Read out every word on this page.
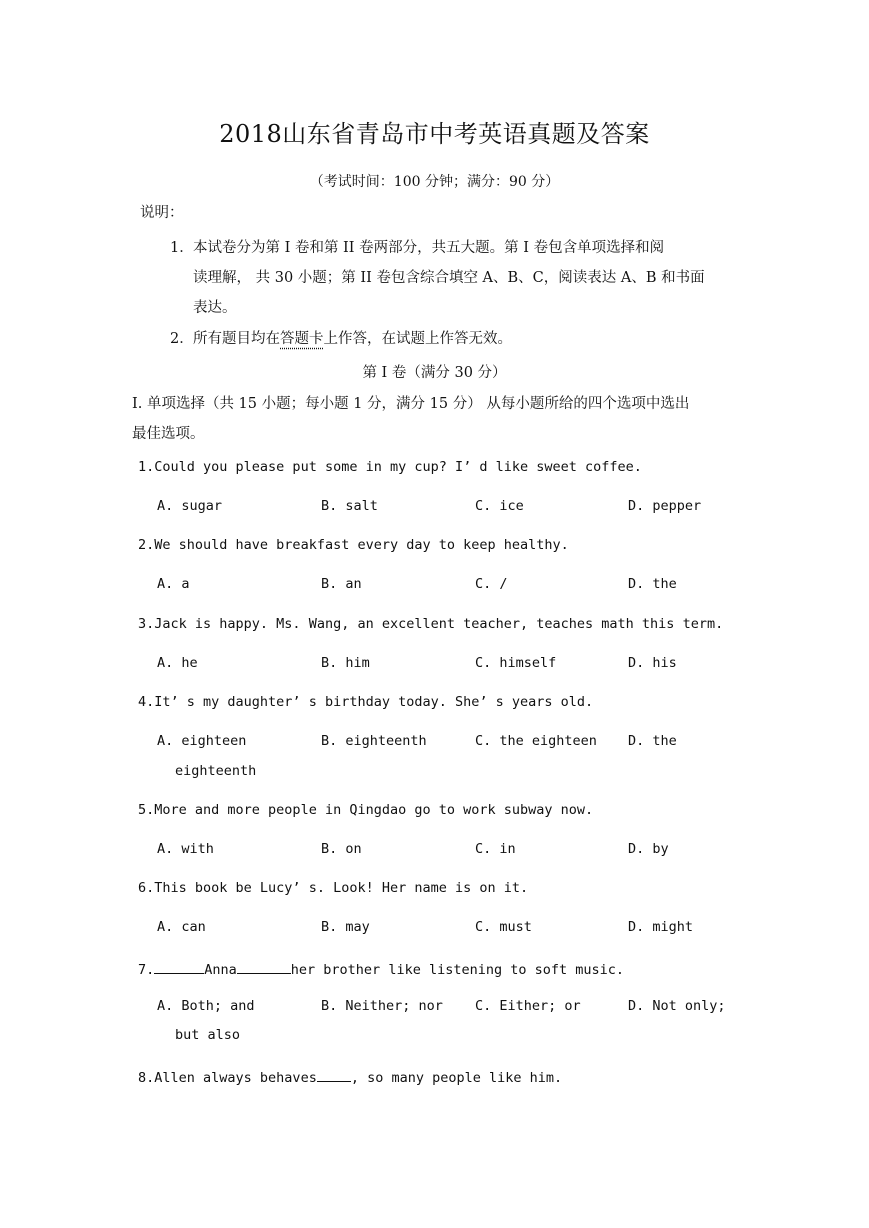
2018山东省青岛市中考英语真题及答案
（考试时间：100 分钟；满分：90 分）
说明：
1． 本试卷分为第 I 卷和第 II 卷两部分，共五大题。第 I 卷包含单项选择和阅
读理解， 共 30 小题；第 II 卷包含综合填空 A、B、C，阅读表达 A、B 和书面
表达。
2． 所有题目均在答题卡上作答，在试题上作答无效。
第 I 卷（满分 30 分）
I. 单项选择（共 15 小题；每小题 1 分，满分 15 分） 从每小题所给的四个选项中选出
最佳选项。
1.Could you please put some in my cup? I’ d like sweet coffee.
A. sugar	B. salt	C. ice	D. pepper
2.We should have breakfast every day to keep healthy.
A. a	B. an	C. /	D. the
3.Jack is happy. Ms. Wang, an excellent teacher, teaches math this term.
A. he	B. him	C. himself	D. his
4.It’ s my daughter’ s birthday today. She’ s years old.
A. eighteen	B. eighteenth	C. the eighteen D. the
eighteenth
5.More and more people in Qingdao go to work subway now.
A. with	B. on	C. in	D. by
6.This book be Lucy’ s. Look! Her name is on it.
A. can	B. may	C. must	D. might
7.	Anna	her brother like listening to soft music.
A. Both; and	B. Neither; nor C. Either; or	D. Not only;
but also
8.Allen always behaves	, so many people like him.
